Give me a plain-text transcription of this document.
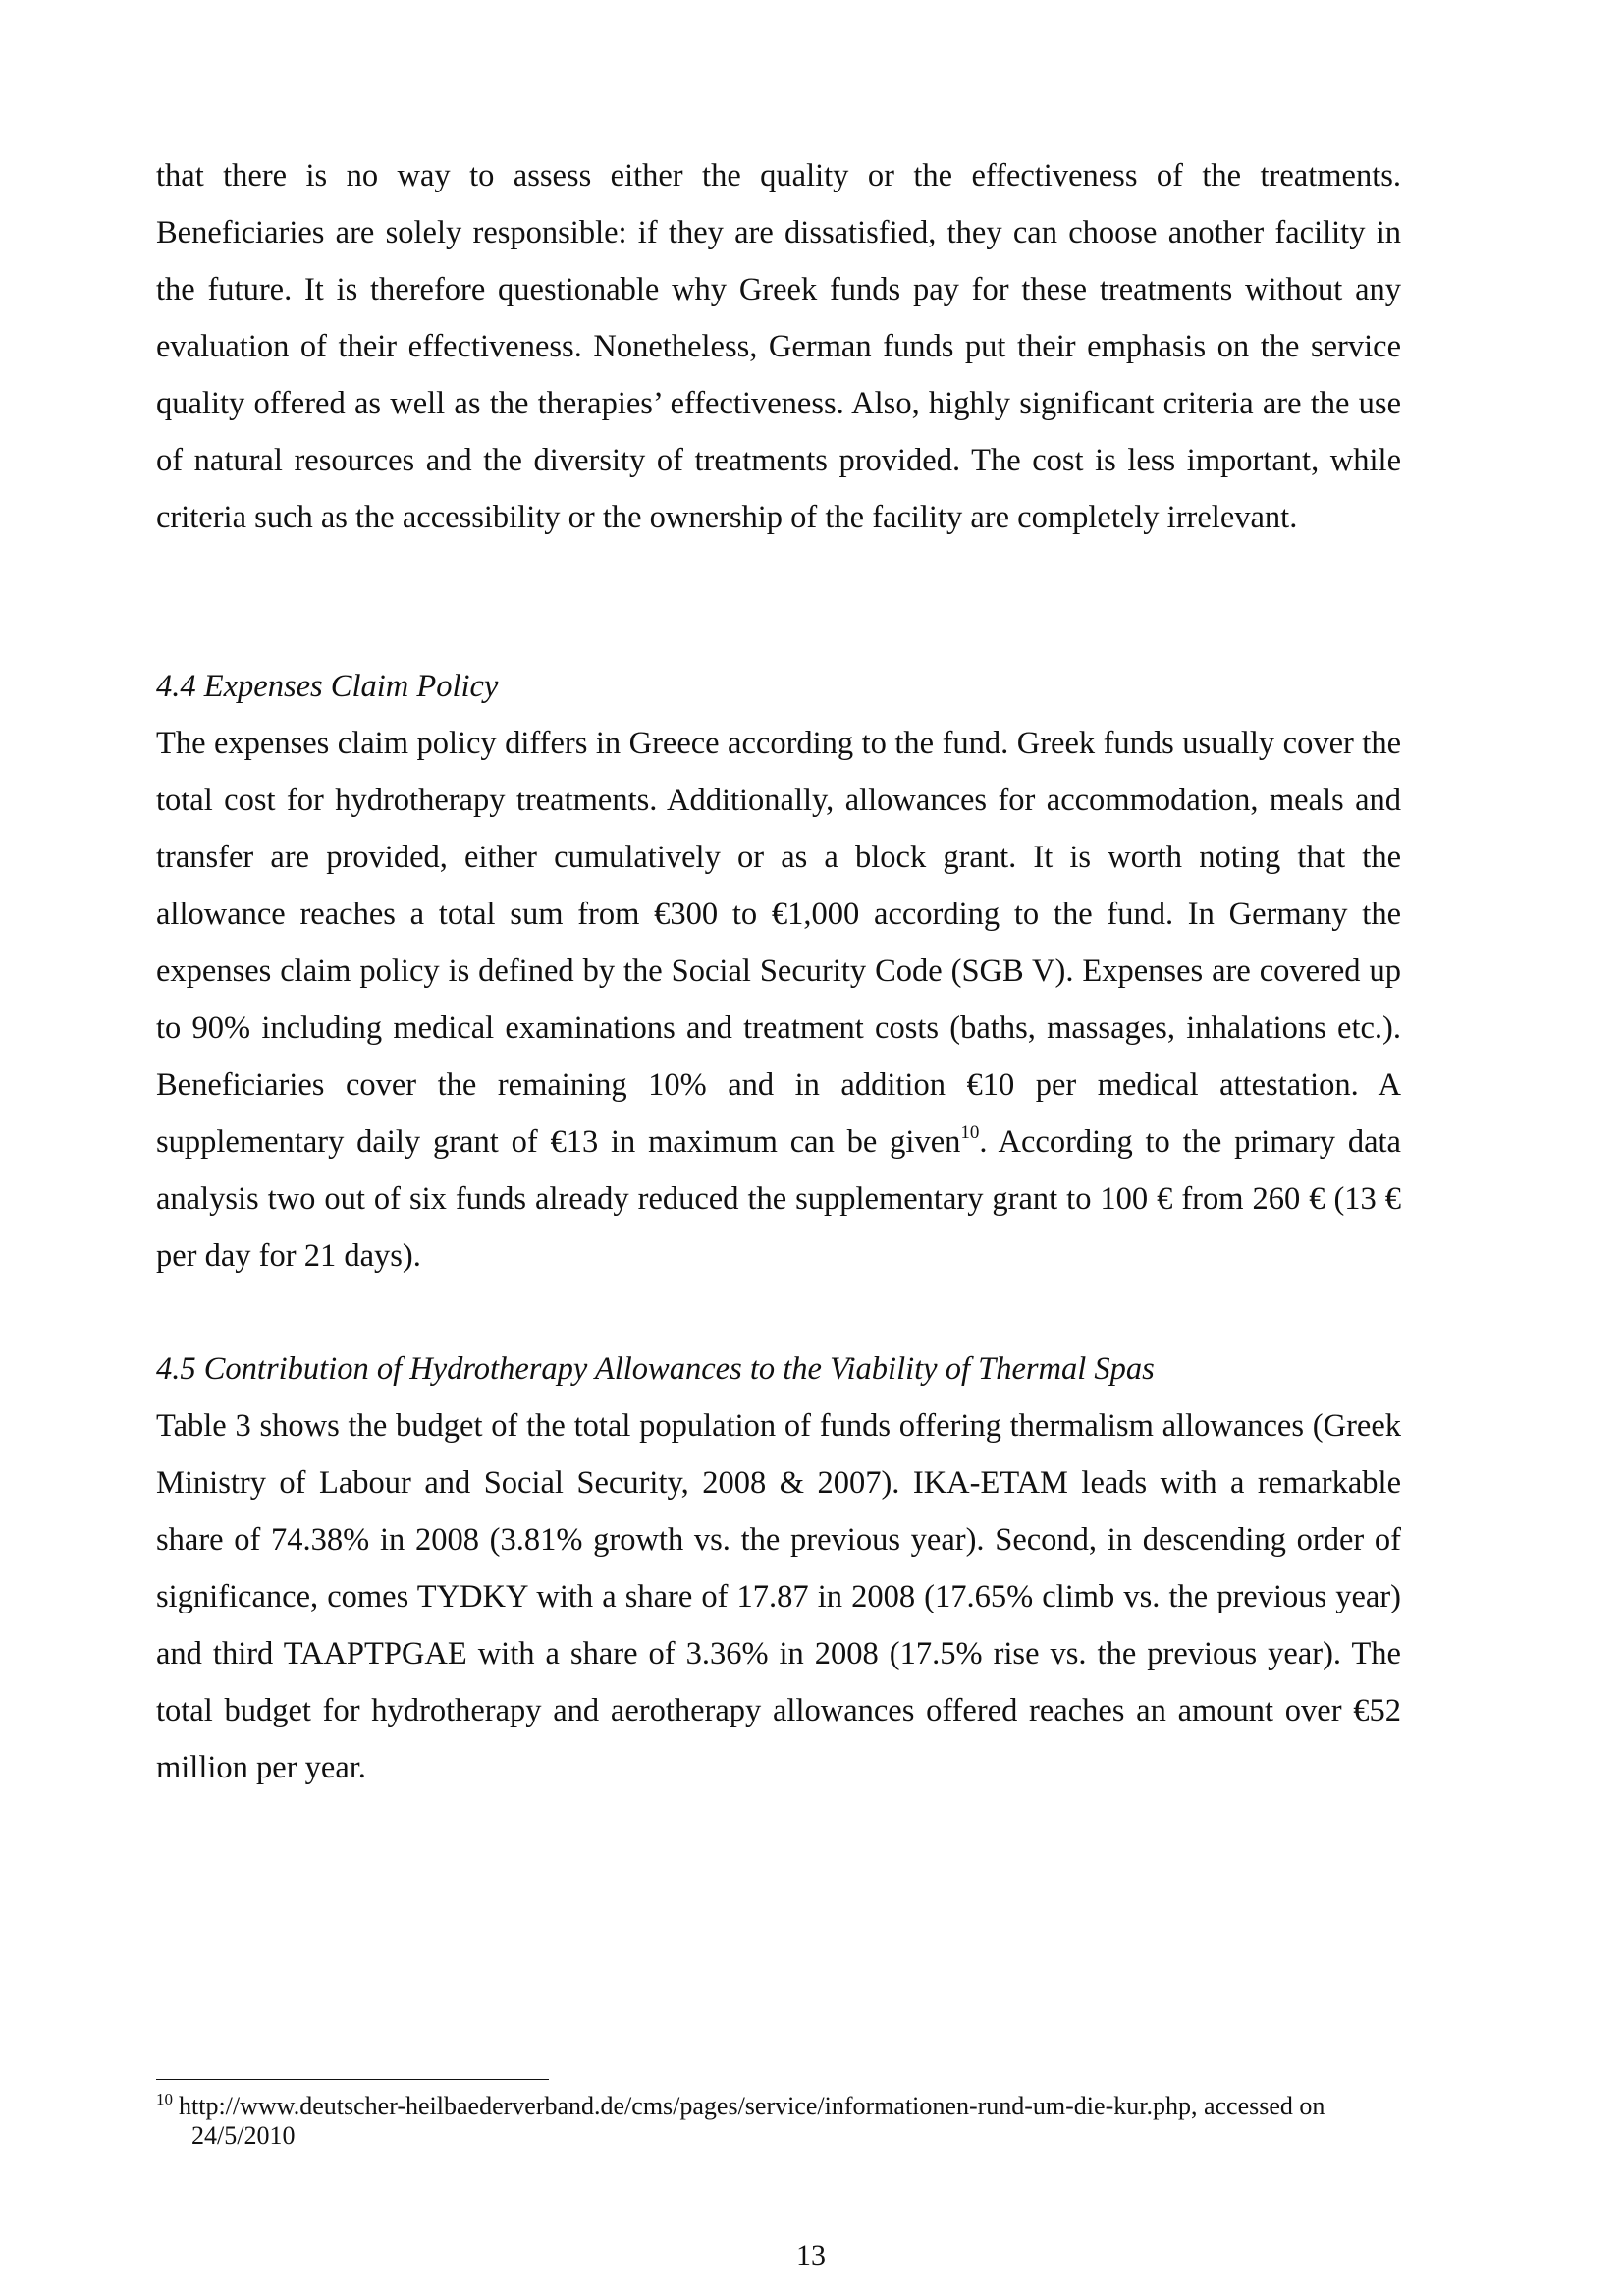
that there is no way to assess either the quality or the effectiveness of the treatments. Beneficiaries are solely responsible: if they are dissatisfied, they can choose another facility in the future. It is therefore questionable why Greek funds pay for these treatments without any evaluation of their effectiveness. Nonetheless, German funds put their emphasis on the service quality offered as well as the therapies’ effectiveness. Also, highly significant criteria are the use of natural resources and the diversity of treatments provided. The cost is less important, while criteria such as the accessibility or the ownership of the facility are completely irrelevant.

4.4 Expenses Claim Policy

The expenses claim policy differs in Greece according to the fund. Greek funds usually cover the total cost for hydrotherapy treatments. Additionally, allowances for accommodation, meals and transfer are provided, either cumulatively or as a block grant. It is worth noting that the allowance reaches a total sum from €300 to €1,000 according to the fund. In Germany the expenses claim policy is defined by the Social Security Code (SGB V). Expenses are covered up to 90% including medical examinations and treatment costs (baths, massages, inhalations etc.). Beneficiaries cover the remaining 10% and in addition €10 per medical attestation. A supplementary daily grant of €13 in maximum can be given$^{10}$. According to the primary data analysis two out of six funds already reduced the supplementary grant to 100 € from 260 € (13 € per day for 21 days).

4.5 Contribution of Hydrotherapy Allowances to the Viability of Thermal Spas

Table 3 shows the budget of the total population of funds offering thermalism allowances (Greek Ministry of Labour and Social Security, 2008 & 2007). IKA-ETAM leads with a remarkable share of 74.38% in 2008 (3.81% growth vs. the previous year). Second, in descending order of significance, comes TYDKY with a share of 17.87 in 2008 (17.65% climb vs. the previous year) and third TAAPTPGAE with a share of 3.36% in 2008 (17.5% rise vs. the previous year). The total budget for hydrotherapy and aerotherapy allowances offered reaches an amount over €52 million per year.

$^{10}$ http://www.deutscher-heilbaederverband.de/cms/pages/service/informationen-rund-um-die-kur.php, accessed on
24/5/2010
13
